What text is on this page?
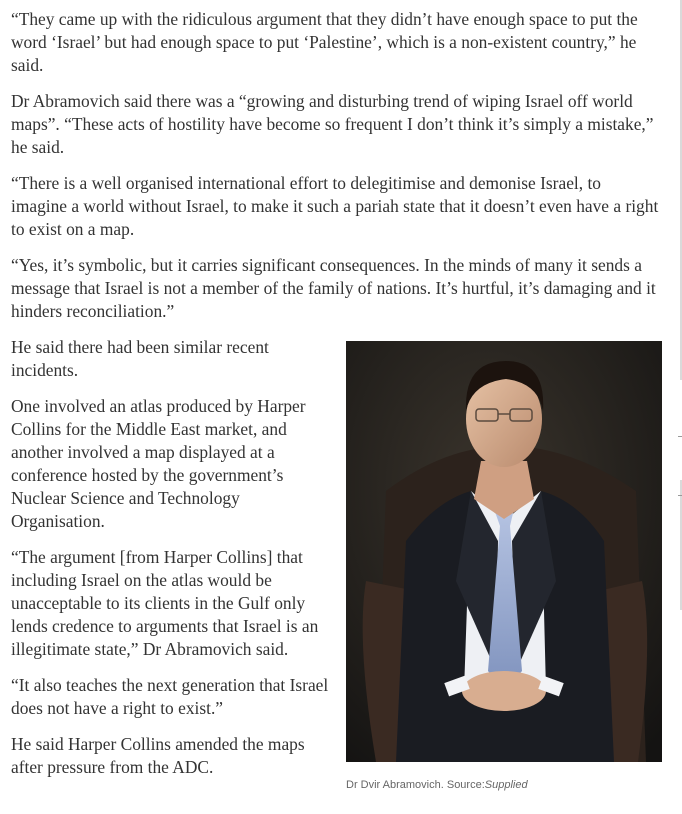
“They came up with the ridiculous argument that they didn’t have enough space to put the word ‘Israel’ but had enough space to put ‘Palestine’, which is a non-existent country,” he said.

Dr Abramovich said there was a “growing and disturbing trend of wiping Israel off world maps”. “These acts of hostility have become so frequent I don’t think it’s simply a mistake,” he said.

“There is a well organised international effort to delegitimise and demonise Israel, to imagine a world without Israel, to make it such a pariah state that it doesn’t even have a right to exist on a map.

“Yes, it’s symbolic, but it carries significant consequences. In the minds of many it sends a message that Israel is not a member of the family of nations. It’s hurtful, it’s damaging and it hinders reconciliation.”

He said there had been similar recent incidents.

One involved an atlas produced by Harper Collins for the Middle East market, and another involved a map displayed at a conference hosted by the government’s Nuclear Science and Technology Organisation.

“The argument [from Harper Collins] that including Israel on the atlas would be unacceptable to its clients in the Gulf only lends credence to arguments that Israel is an illegitimate state,” Dr Abramovich said.

“It also teaches the next generation that Israel does not have a right to exist.”

He said Harper Collins amended the maps after pressure from the ADC.

Dr Dvir Abramovich. Source:Supplied
